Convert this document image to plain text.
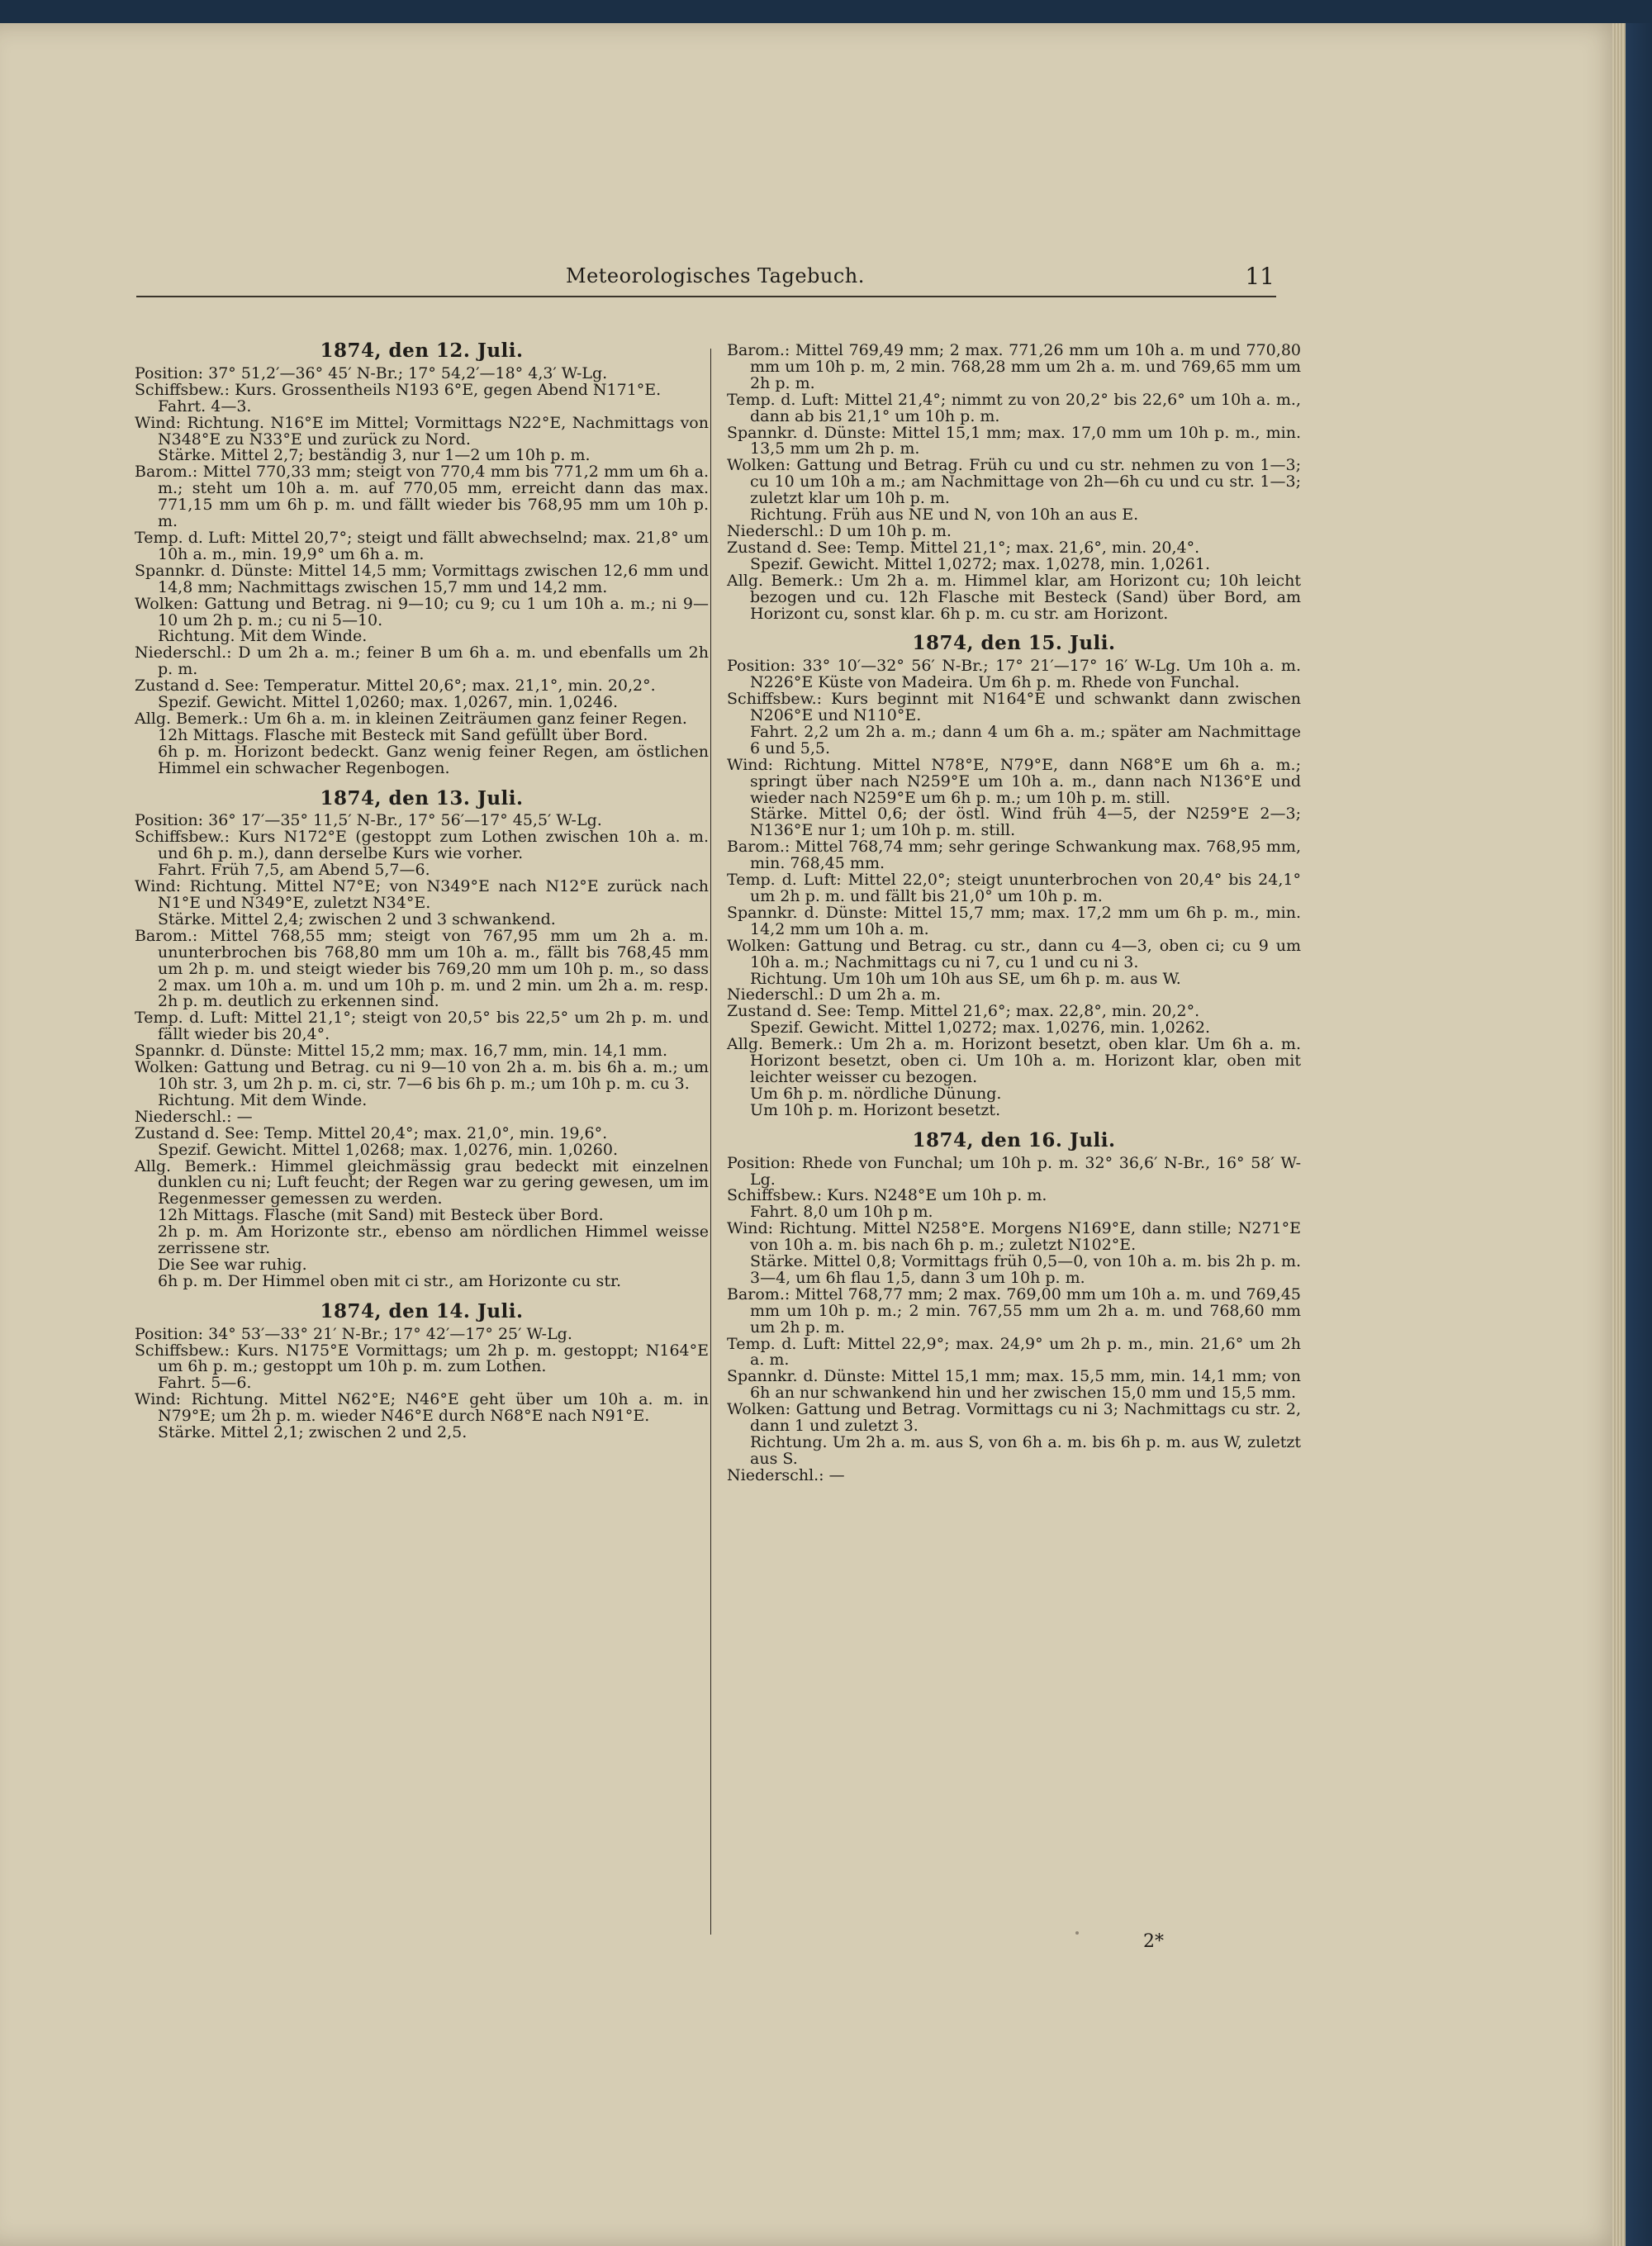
Meteorologisches Tagebuch.	11
1874, den 12. Juli.

Position: 37° 51,2′—36° 45′ N-Br.; 17° 54,2′—18° 4,3′ W-Lg.

Schiffsbew.: Kurs. Grossentheils N193 6°E, gegen Abend N171°E.

Fahrt. 4—3.

Wind: Richtung. N16°E im Mittel; Vormittags N22°E, Nachmittags von N348°E zu N33°E und zurück zu Nord.

Stärke. Mittel 2,7; beständig 3, nur 1—2 um 10h p. m.

Barom.: Mittel 770,33 mm; steigt von 770,4 mm bis 771,2 mm um 6h a. m.; steht um 10h a. m. auf 770,05 mm, erreicht dann das max. 771,15 mm um 6h p. m. und fällt wieder bis 768,95 mm um 10h p. m.

Temp. d. Luft: Mittel 20,7°; steigt und fällt abwechselnd; max. 21,8° um 10h a. m., min. 19,9° um 6h a. m.

Spannkr. d. Dünste: Mittel 14,5 mm; Vormittags zwischen 12,6 mm und 14,8 mm; Nachmittags zwischen 15,7 mm und 14,2 mm.

Wolken: Gattung und Betrag. ni 9—10; cu 9; cu 1 um 10h a. m.; ni 9—10 um 2h p. m.; cu ni 5—10.

Richtung. Mit dem Winde.

Niederschl.: D um 2h a. m.; feiner B um 6h a. m. und ebenfalls um 2h p. m.

Zustand d. See: Temperatur. Mittel 20,6°; max. 21,1°, min. 20,2°.

Spezif. Gewicht. Mittel 1,0260; max. 1,0267, min. 1,0246.

Allg. Bemerk.: Um 6h a. m. in kleinen Zeiträumen ganz feiner Regen.

12h Mittags. Flasche mit Besteck mit Sand gefüllt über Bord.

6h p. m. Horizont bedeckt. Ganz wenig feiner Regen, am östlichen Himmel ein schwacher Regenbogen.

1874, den 13. Juli.

Position: 36° 17′—35° 11,5′ N-Br., 17° 56′—17° 45,5′ W-Lg.

Schiffsbew.: Kurs N172°E (gestoppt zum Lothen zwischen 10h a. m. und 6h p. m.), dann derselbe Kurs wie vorher.

Fahrt. Früh 7,5, am Abend 5,7—6.

Wind: Richtung. Mittel N7°E; von N349°E nach N12°E zurück nach N1°E und N349°E, zuletzt N34°E.

Stärke. Mittel 2,4; zwischen 2 und 3 schwankend.

Barom.: Mittel 768,55 mm; steigt von 767,95 mm um 2h a. m. ununterbrochen bis 768,80 mm um 10h a. m., fällt bis 768,45 mm um 2h p. m. und steigt wieder bis 769,20 mm um 10h p. m., so dass 2 max. um 10h a. m. und um 10h p. m. und 2 min. um 2h a. m. resp. 2h p. m. deutlich zu erkennen sind.

Temp. d. Luft: Mittel 21,1°; steigt von 20,5° bis 22,5° um 2h p. m. und fällt wieder bis 20,4°.

Spannkr. d. Dünste: Mittel 15,2 mm; max. 16,7 mm, min. 14,1 mm.

Wolken: Gattung und Betrag. cu ni 9—10 von 2h a. m. bis 6h a. m.; um 10h str. 3, um 2h p. m. ci, str. 7—6 bis 6h p. m.; um 10h p. m. cu 3.

Richtung. Mit dem Winde.

Niederschl.: —

Zustand d. See: Temp. Mittel 20,4°; max. 21,0°, min. 19,6°.

Spezif. Gewicht. Mittel 1,0268; max. 1,0276, min. 1,0260.

Allg. Bemerk.: Himmel gleichmässig grau bedeckt mit einzelnen dunklen cu ni; Luft feucht; der Regen war zu gering gewesen, um im Regenmesser gemessen zu werden.

12h Mittags. Flasche (mit Sand) mit Besteck über Bord.

2h p. m. Am Horizonte str., ebenso am nördlichen Himmel weisse zerrissene str.

Die See war ruhig.

6h p. m. Der Himmel oben mit ci str., am Horizonte cu str.

1874, den 14. Juli.

Position: 34° 53′—33° 21′ N-Br.; 17° 42′—17° 25′ W-Lg.

Schiffsbew.: Kurs. N175°E Vormittags; um 2h p. m. gestoppt; N164°E um 6h p. m.; gestoppt um 10h p. m. zum Lothen.

Fahrt. 5—6.

Wind: Richtung. Mittel N62°E; N46°E geht über um 10h a. m. in N79°E; um 2h p. m. wieder N46°E durch N68°E nach N91°E.

Stärke. Mittel 2,1; zwischen 2 und 2,5.

Barom.: Mittel 769,49 mm; 2 max. 771,26 mm um 10h a. m und 770,80 mm um 10h p. m, 2 min. 768,28 mm um 2h a. m. und 769,65 mm um 2h p. m.

Temp. d. Luft: Mittel 21,4°; nimmt zu von 20,2° bis 22,6° um 10h a. m., dann ab bis 21,1° um 10h p. m.

Spannkr. d. Dünste: Mittel 15,1 mm; max. 17,0 mm um 10h p. m., min. 13,5 mm um 2h p. m.

Wolken: Gattung und Betrag. Früh cu und cu str. nehmen zu von 1—3; cu 10 um 10h a m.; am Nachmittage von 2h—6h cu und cu str. 1—3; zuletzt klar um 10h p. m.

Richtung. Früh aus NE und N, von 10h an aus E.

Niederschl.: D um 10h p. m.

Zustand d. See: Temp. Mittel 21,1°; max. 21,6°, min. 20,4°.

Spezif. Gewicht. Mittel 1,0272; max. 1,0278, min. 1,0261.

Allg. Bemerk.: Um 2h a. m. Himmel klar, am Horizont cu; 10h leicht bezogen und cu. 12h Flasche mit Besteck (Sand) über Bord, am Horizont cu, sonst klar. 6h p. m. cu str. am Horizont.

1874, den 15. Juli.

Position: 33° 10′—32° 56′ N-Br.; 17° 21′—17° 16′ W-Lg. Um 10h a. m. N226°E Küste von Madeira. Um 6h p. m. Rhede von Funchal.

Schiffsbew.: Kurs beginnt mit N164°E und schwankt dann zwischen N206°E und N110°E.

Fahrt. 2,2 um 2h a. m.; dann 4 um 6h a. m.; später am Nachmittage 6 und 5,5.

Wind: Richtung. Mittel N78°E, N79°E, dann N68°E um 6h a. m.; springt über nach N259°E um 10h a. m., dann nach N136°E und wieder nach N259°E um 6h p. m.; um 10h p. m. still.

Stärke. Mittel 0,6; der östl. Wind früh 4—5, der N259°E 2—3; N136°E nur 1; um 10h p. m. still.

Barom.: Mittel 768,74 mm; sehr geringe Schwankung max. 768,95 mm, min. 768,45 mm.

Temp. d. Luft: Mittel 22,0°; steigt ununterbrochen von 20,4° bis 24,1° um 2h p. m. und fällt bis 21,0° um 10h p. m.

Spannkr. d. Dünste: Mittel 15,7 mm; max. 17,2 mm um 6h p. m., min. 14,2 mm um 10h a. m.

Wolken: Gattung und Betrag. cu str., dann cu 4—3, oben ci; cu 9 um 10h a. m.; Nachmittags cu ni 7, cu 1 und cu ni 3.

Richtung. Um 10h um 10h aus SE, um 6h p. m. aus W.

Niederschl.: D um 2h a. m.

Zustand d. See: Temp. Mittel 21,6°; max. 22,8°, min. 20,2°.

Spezif. Gewicht. Mittel 1,0272; max. 1,0276, min. 1,0262.

Allg. Bemerk.: Um 2h a. m. Horizont besetzt, oben klar. Um 6h a. m. Horizont besetzt, oben ci. Um 10h a. m. Horizont klar, oben mit leichter weisser cu bezogen.

Um 6h p. m. nördliche Dünung.

Um 10h p. m. Horizont besetzt.

1874, den 16. Juli.

Position: Rhede von Funchal; um 10h p. m. 32° 36,6′ N-Br., 16° 58′ W-Lg.

Schiffsbew.: Kurs. N248°E um 10h p. m.

Fahrt. 8,0 um 10h p m.

Wind: Richtung. Mittel N258°E. Morgens N169°E, dann stille; N271°E von 10h a. m. bis nach 6h p. m.; zuletzt N102°E.

Stärke. Mittel 0,8; Vormittags früh 0,5—0, von 10h a. m. bis 2h p. m. 3—4, um 6h flau 1,5, dann 3 um 10h p. m.

Barom.: Mittel 768,77 mm; 2 max. 769,00 mm um 10h a. m. und 769,45 mm um 10h p. m.; 2 min. 767,55 mm um 2h a. m. und 768,60 mm um 2h p. m.

Temp. d. Luft: Mittel 22,9°; max. 24,9° um 2h p. m., min. 21,6° um 2h a. m.

Spannkr. d. Dünste: Mittel 15,1 mm; max. 15,5 mm, min. 14,1 mm; von 6h an nur schwankend hin und her zwischen 15,0 mm und 15,5 mm.

Wolken: Gattung und Betrag. Vormittags cu ni 3; Nachmittags cu str. 2, dann 1 und zuletzt 3.

Richtung. Um 2h a. m. aus S, von 6h a. m. bis 6h p. m. aus W, zuletzt aus S.

Niederschl.: —

2*
